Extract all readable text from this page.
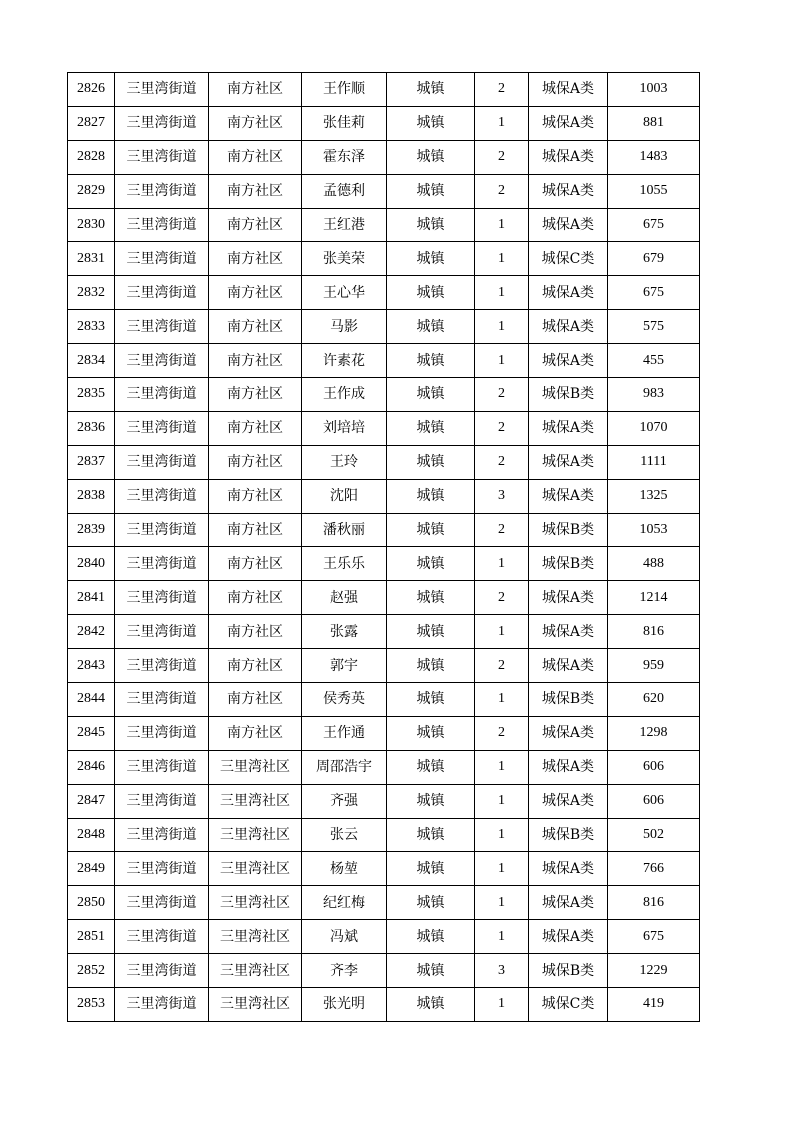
2826	三里湾街道	南方社区	王作顺	城镇	2	城保A类	1003
2827	三里湾街道	南方社区	张佳莉	城镇	1	城保A类	881
2828	三里湾街道	南方社区	霍东泽	城镇	2	城保A类	1483
2829	三里湾街道	南方社区	孟德利	城镇	2	城保A类	1055
2830	三里湾街道	南方社区	王红港	城镇	1	城保A类	675
2831	三里湾街道	南方社区	张美荣	城镇	1	城保C类	679
2832	三里湾街道	南方社区	王心华	城镇	1	城保A类	675
2833	三里湾街道	南方社区	马影	城镇	1	城保A类	575
2834	三里湾街道	南方社区	许素花	城镇	1	城保A类	455
2835	三里湾街道	南方社区	王作成	城镇	2	城保B类	983
2836	三里湾街道	南方社区	刘培培	城镇	2	城保A类	1070
2837	三里湾街道	南方社区	王玲	城镇	2	城保A类	1111
2838	三里湾街道	南方社区	沈阳	城镇	3	城保A类	1325
2839	三里湾街道	南方社区	潘秋丽	城镇	2	城保B类	1053
2840	三里湾街道	南方社区	王乐乐	城镇	1	城保B类	488
2841	三里湾街道	南方社区	赵强	城镇	2	城保A类	1214
2842	三里湾街道	南方社区	张露	城镇	1	城保A类	816
2843	三里湾街道	南方社区	郭宇	城镇	2	城保A类	959
2844	三里湾街道	南方社区	侯秀英	城镇	1	城保B类	620
2845	三里湾街道	南方社区	王作通	城镇	2	城保A类	1298
2846	三里湾街道	三里湾社区	周邵浩宇	城镇	1	城保A类	606
2847	三里湾街道	三里湾社区	齐强	城镇	1	城保A类	606
2848	三里湾街道	三里湾社区	张云	城镇	1	城保B类	502
2849	三里湾街道	三里湾社区	杨堃	城镇	1	城保A类	766
2850	三里湾街道	三里湾社区	纪红梅	城镇	1	城保A类	816
2851	三里湾街道	三里湾社区	冯斌	城镇	1	城保A类	675
2852	三里湾街道	三里湾社区	齐李	城镇	3	城保B类	1229
2853	三里湾街道	三里湾社区	张光明	城镇	1	城保C类	419
